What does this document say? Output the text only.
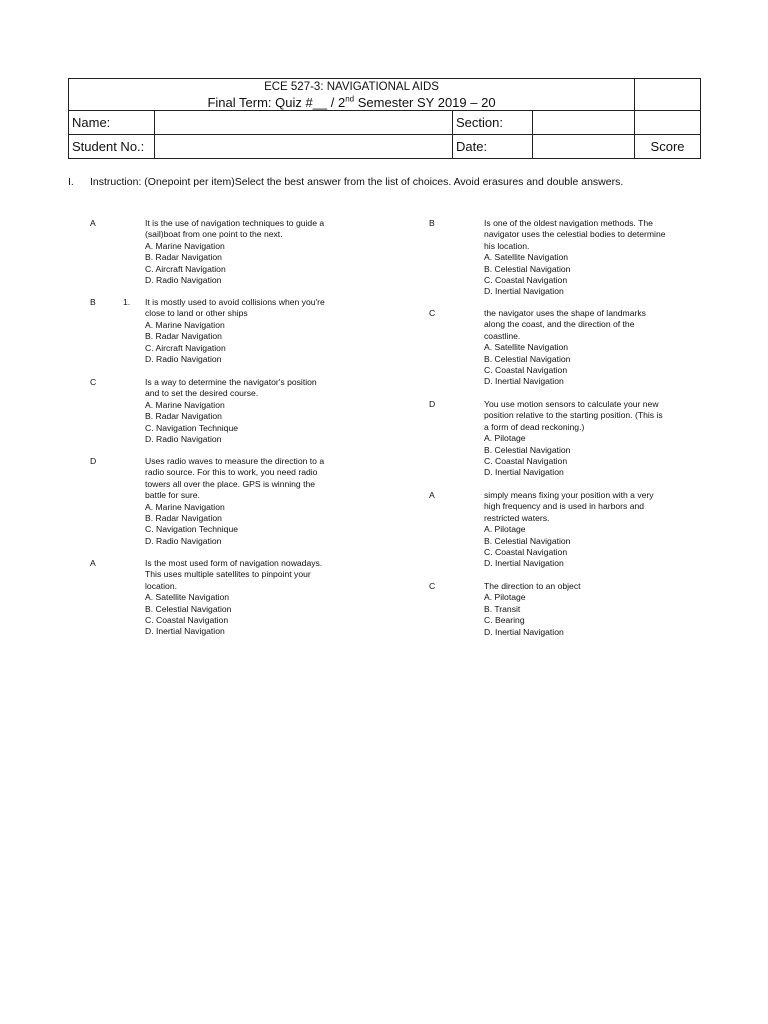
ECE 527-3: NAVIGATIONAL AIDS
Final Term: Quiz #__ / 2nd Semester SY 2019 – 20				

Name:		Section:		
Student No.:		Date:		Score
I. Instruction: (Onepoint per item)Select the best answer from the list of choices. Avoid erasures and double answers.
A	It is the use of navigation techniques to guide a
(sail)boat from one point to the next.
A. Marine Navigation
B. Radar Navigation
C. Aircraft Navigation
D. Radio Navigation
B	1.	It is mostly used to avoid collisions when you're
close to land or other ships
A. Marine Navigation
B. Radar Navigation
C. Aircraft Navigation
D. Radio Navigation
C	Is a way to determine the navigator's position
and to set the desired course.
A. Marine Navigation
B. Radar Navigation
C. Navigation Technique
D. Radio Navigation
D	Uses radio waves to measure the direction to a
radio source. For this to work, you need radio
towers all over the place. GPS is winning the
battle for sure.
A. Marine Navigation
B. Radar Navigation
C. Navigation Technique
D. Radio Navigation
A	Is the most used form of navigation nowadays.
This uses multiple satellites to pinpoint your
location.
A. Satellite Navigation
B. Celestial Navigation
C. Coastal Navigation
D. Inertial Navigation
B	Is one of the oldest navigation methods. The
navigator uses the celestial bodies to determine
his location.
A. Satellite Navigation
B. Celestial Navigation
C. Coastal Navigation
D. Inertial Navigation
C	the navigator uses the shape of landmarks
along the coast, and the direction of the
coastline.
A. Satellite Navigation
B. Celestial Navigation
C. Coastal Navigation
D. Inertial Navigation
D	You use motion sensors to calculate your new
position relative to the starting position. (This is
a form of dead reckoning.)
A. Pilotage
B. Celestial Navigation
C. Coastal Navigation
D. Inertial Navigation
A	simply means fixing your position with a very
high frequency and is used in harbors and
restricted waters.
A. Pilotage
B. Celestial Navigation
C. Coastal Navigation
D. Inertial Navigation
C	The direction to an object
A. Pilotage
B. Transit
C. Bearing
D. Inertial Navigation
